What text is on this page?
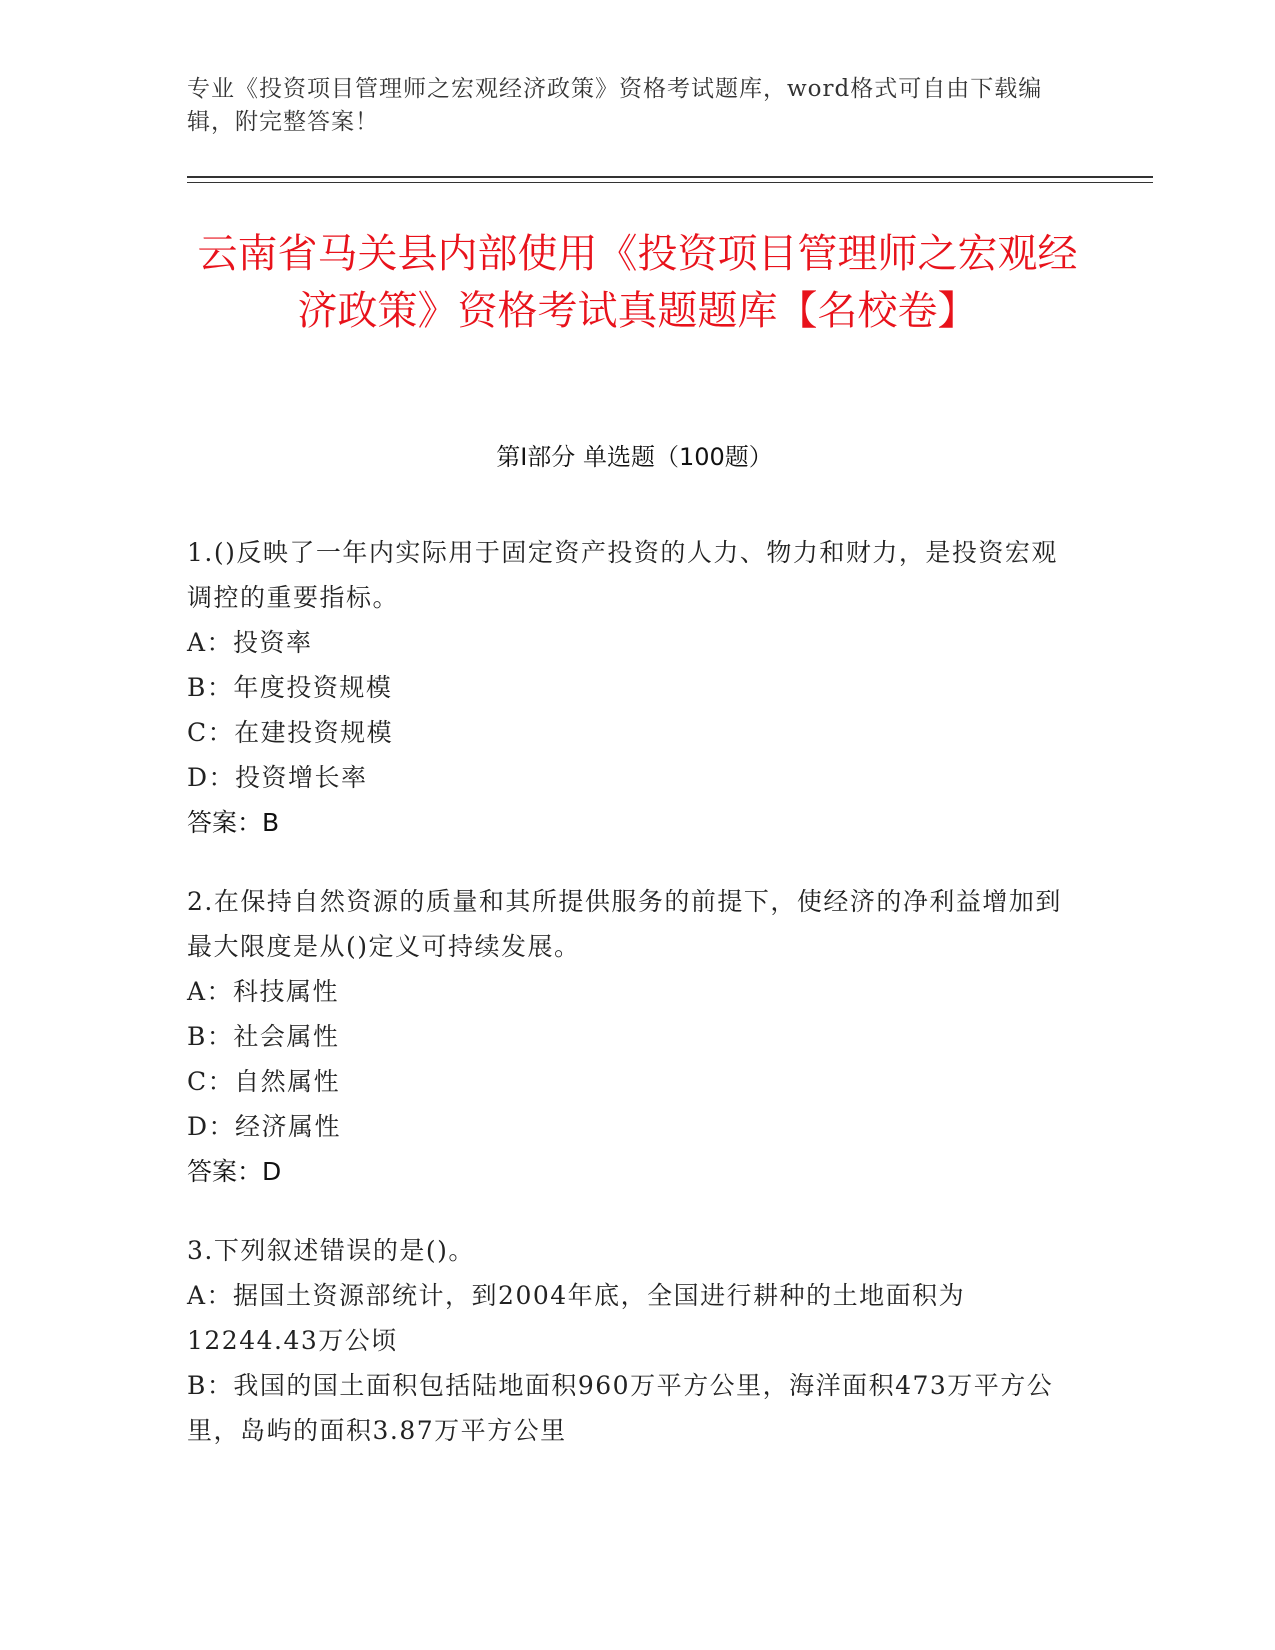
专业《投资项目管理师之宏观经济政策》资格考试题库，word格式可自由下载编辑，附完整答案！
云南省马关县内部使用《投资项目管理师之宏观经济政策》资格考试真题题库【名校卷】
第I部分 单选题（100题）
1.()反映了一年内实际用于固定资产投资的人力、物力和财力，是投资宏观调控的重要指标。
A：投资率
B：年度投资规模
C：在建投资规模
D：投资增长率
答案：B
2.在保持自然资源的质量和其所提供服务的前提下，使经济的净利益增加到最大限度是从()定义可持续发展。
A：科技属性
B：社会属性
C：自然属性
D：经济属性
答案：D
3.下列叙述错误的是()。
A：据国土资源部统计，到2004年底，全国进行耕种的土地面积为12244.43万公顷
B：我国的国土面积包括陆地面积960万平方公里，海洋面积473万平方公里，岛屿的面积3.87万平方公里
